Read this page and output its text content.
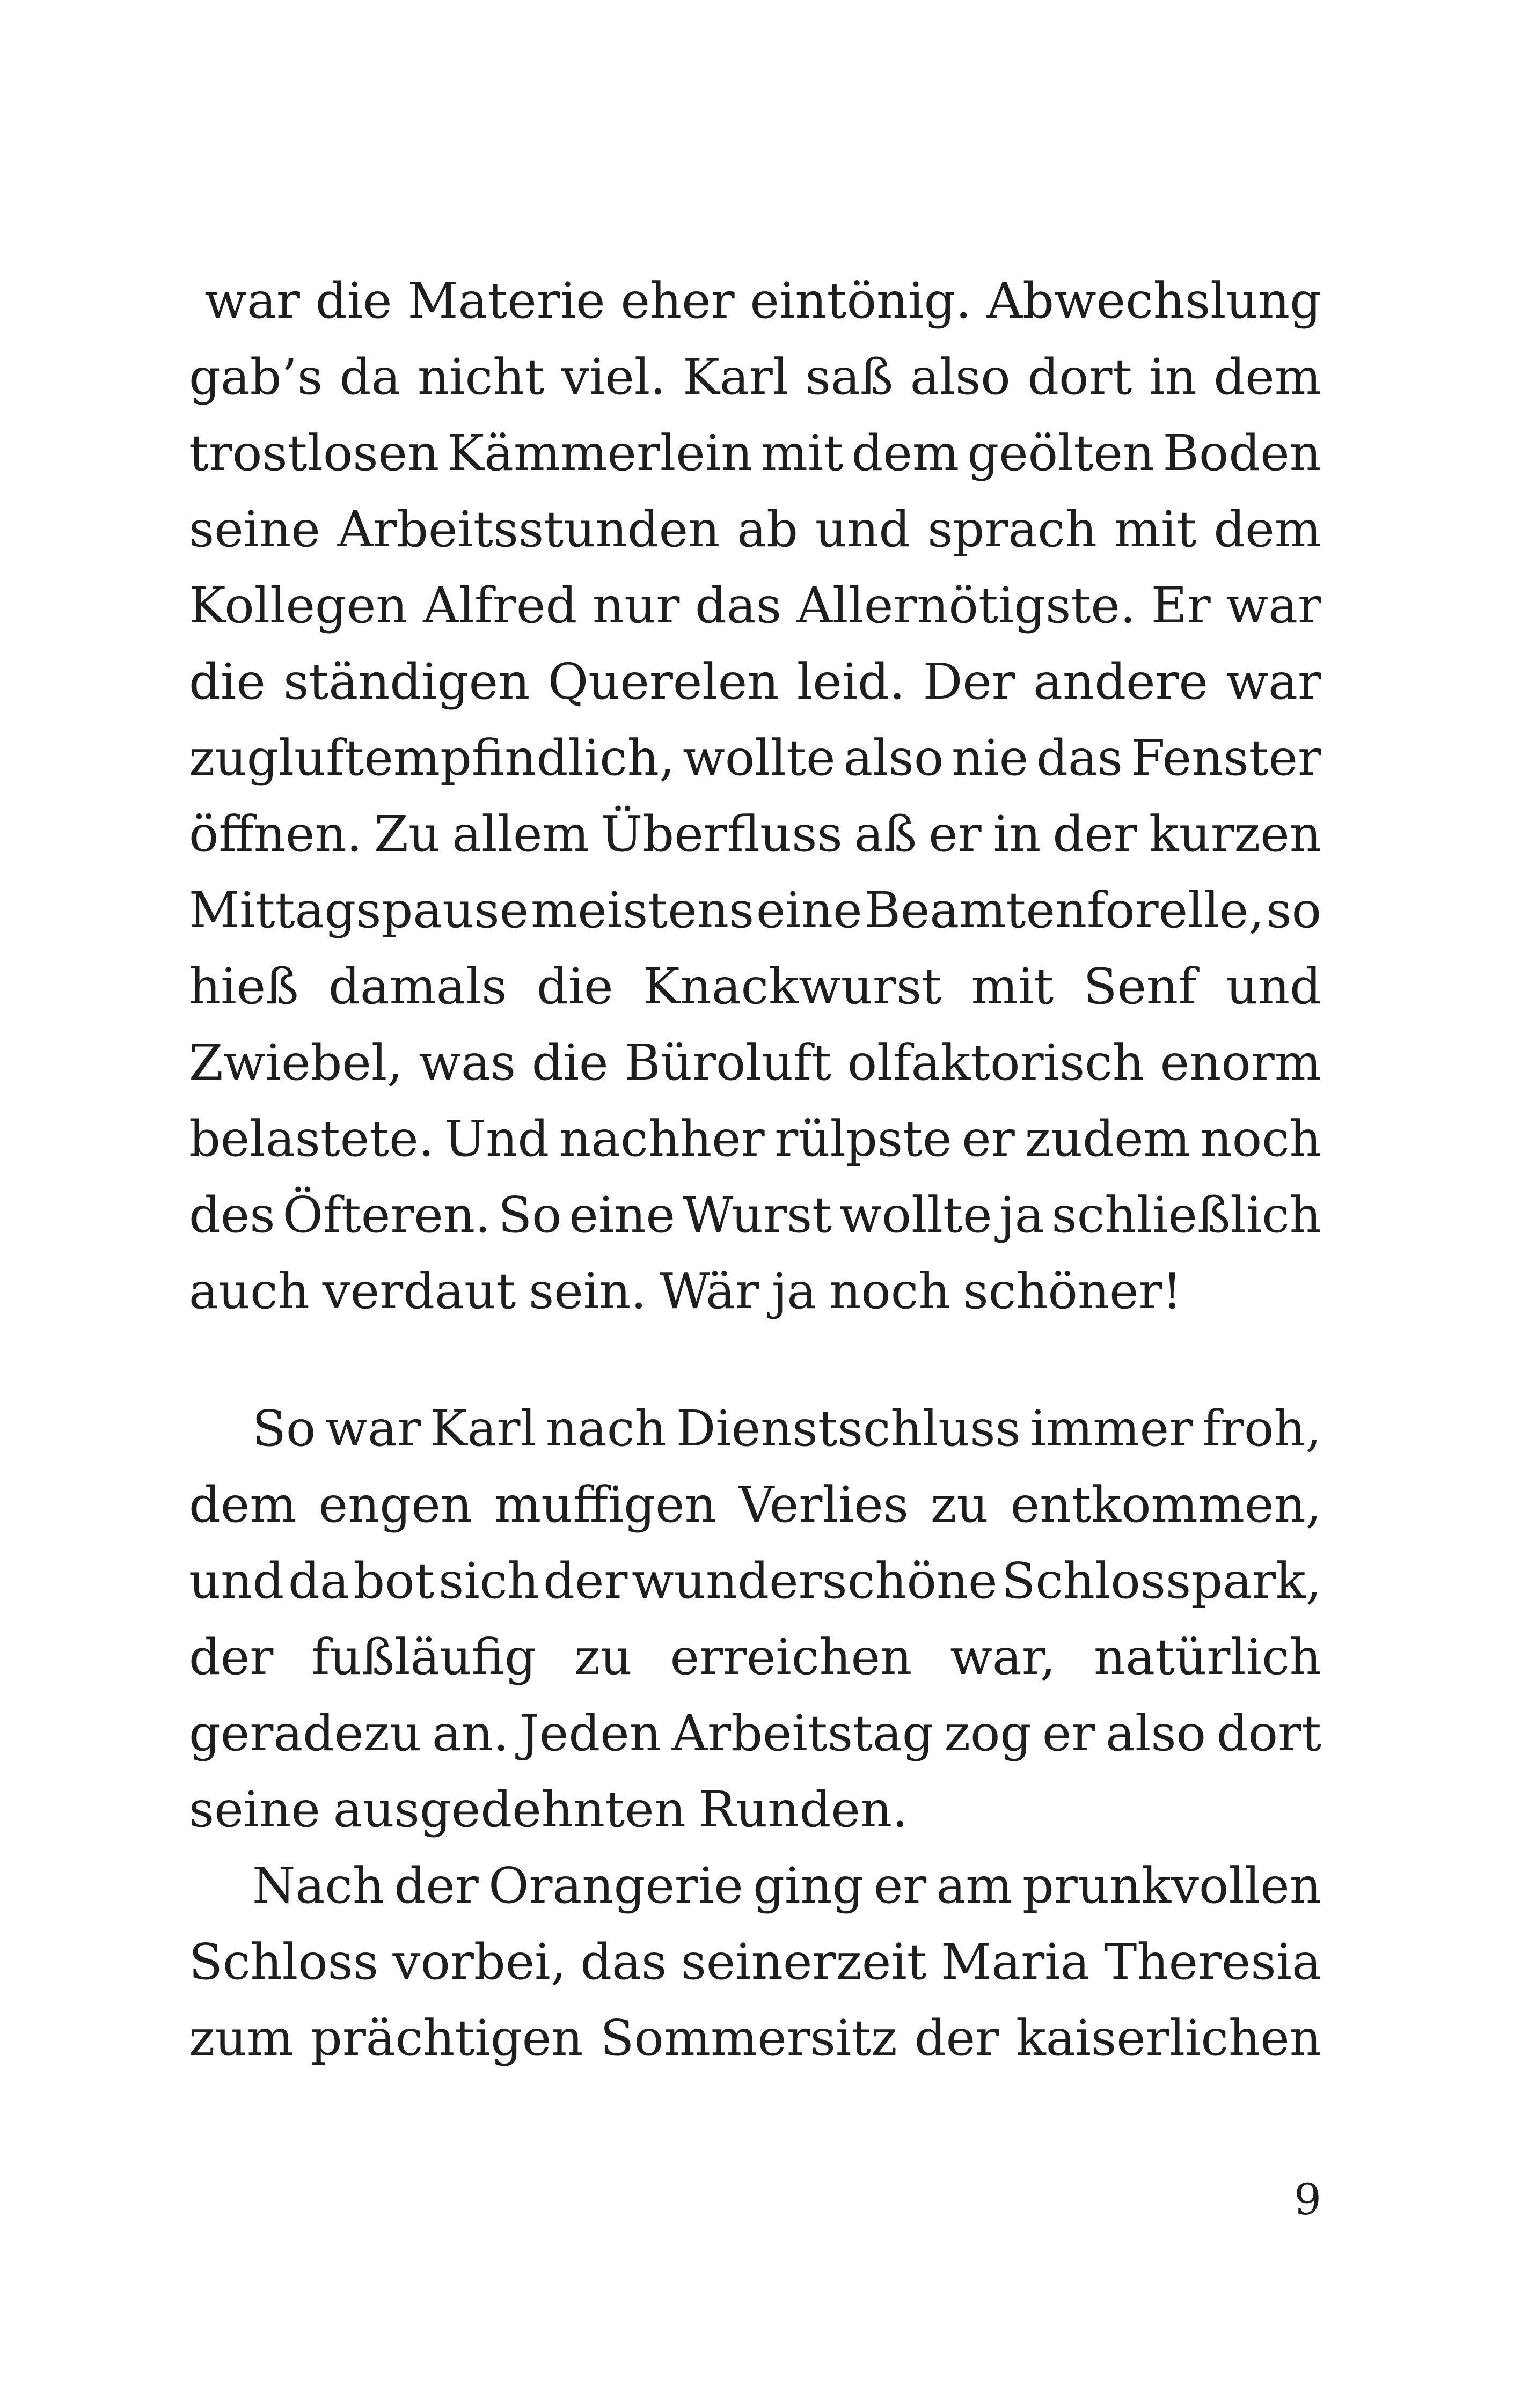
war die Materie eher eintönig. Abwechslung
gab’s da nicht viel. Karl saß also dort in dem
trostlosen Kämmerlein mit dem geölten Boden
seine Arbeitsstunden ab und sprach mit dem
Kollegen Alfred nur das Allernötigste. Er war
die ständigen Querelen leid. Der andere war
zugluftempfindlich, wollte also nie das Fenster
öffnen. Zu allem Überfluss aß er in der kurzen
Mittagspause meistens eine Beamtenforelle, so
hieß damals die Knackwurst mit Senf und
Zwiebel, was die Büroluft olfaktorisch enorm
belastete. Und nachher rülpste er zudem noch
des Öfteren. So eine Wurst wollte ja schließlich
auch verdaut sein. Wär ja noch schöner!
So war Karl nach Dienstschluss immer froh,
dem engen muffigen Verlies zu entkommen,
und da bot sich der wunderschöne Schlosspark,
der fußläufig zu erreichen war, natürlich
geradezu an. Jeden Arbeitstag zog er also dort
seine ausgedehnten Runden.
Nach der Orangerie ging er am prunkvollen
Schloss vorbei, das seinerzeit Maria Theresia
zum prächtigen Sommersitz der kaiserlichen
9
